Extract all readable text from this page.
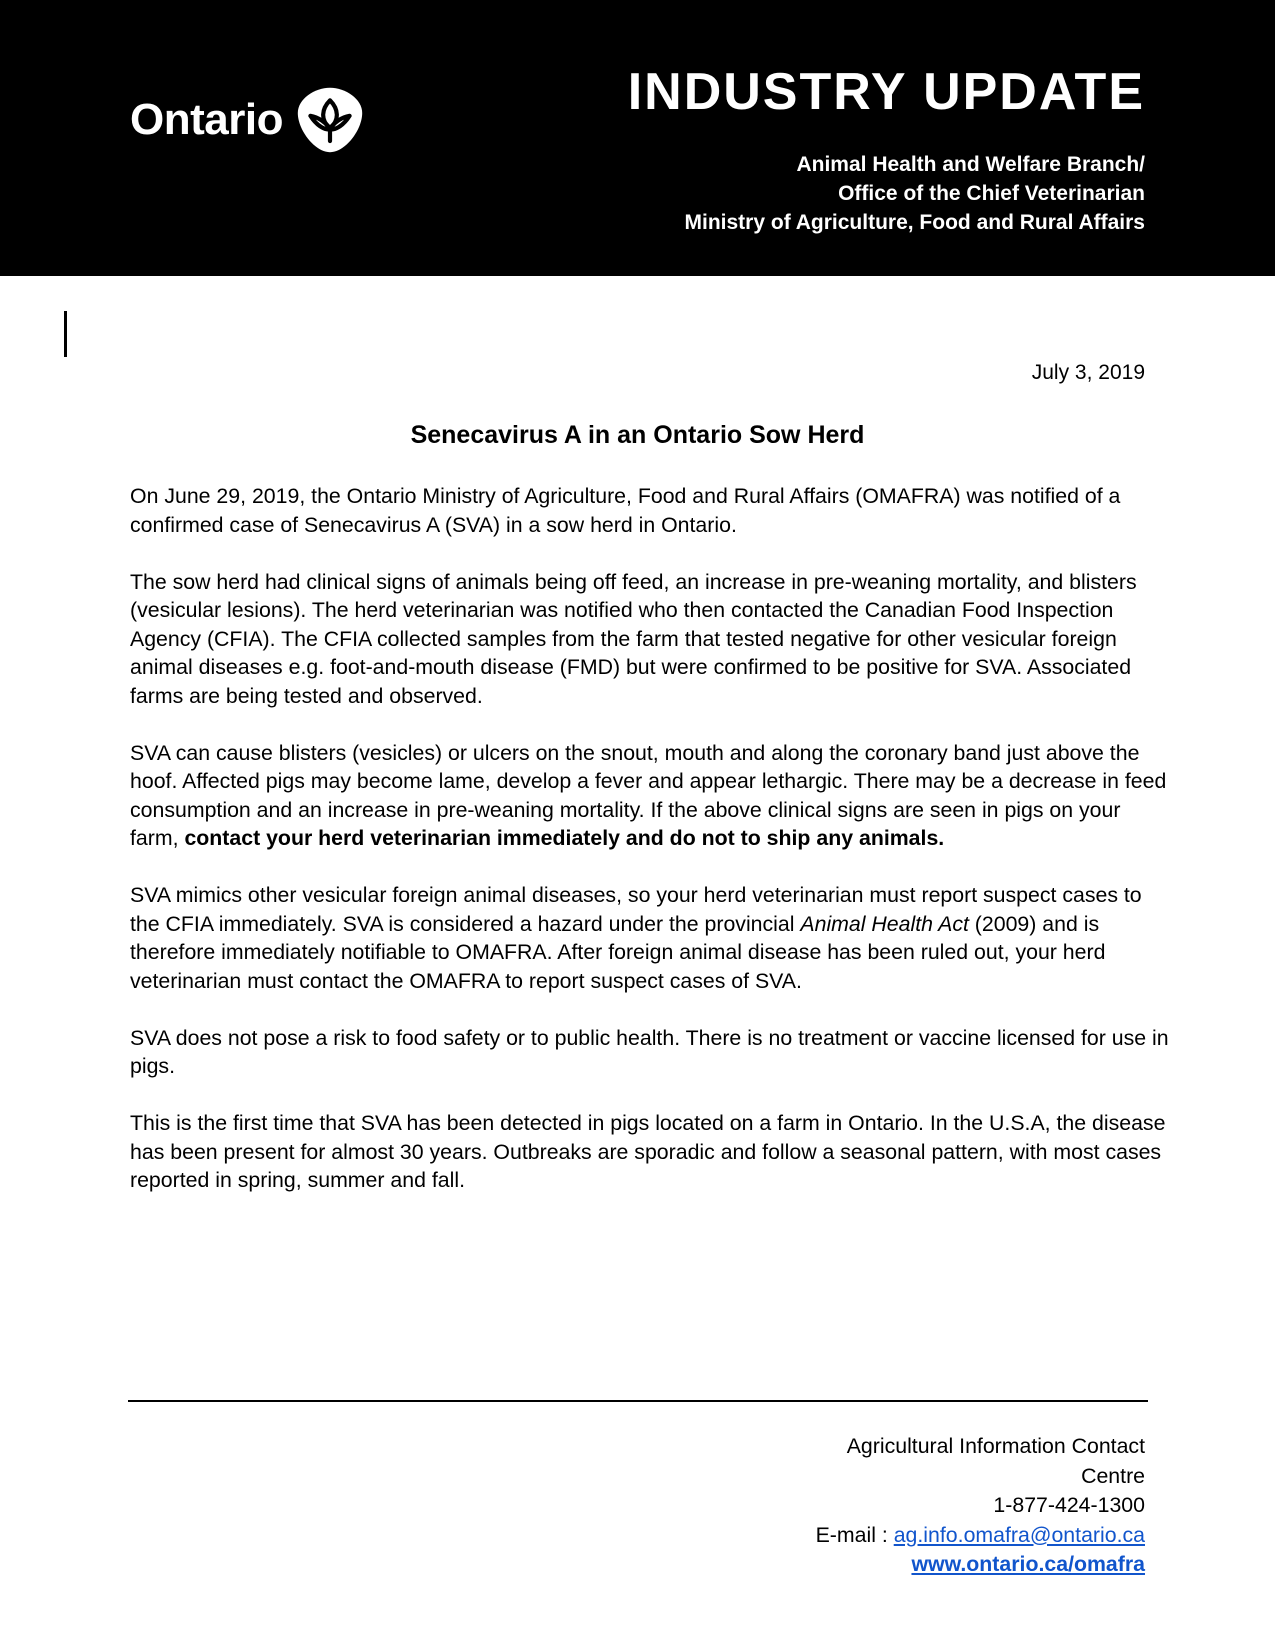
Ontario	INDUSTRY UPDATE
Animal Health and Welfare Branch/
Office of the Chief Veterinarian
Ministry of Agriculture, Food and Rural Affairs
July 3, 2019
Senecavirus A in an Ontario Sow Herd

On June 29, 2019, the Ontario Ministry of Agriculture, Food and Rural Affairs (OMAFRA) was notified of a confirmed case of Senecavirus A (SVA) in a sow herd in Ontario.

The sow herd had clinical signs of animals being off feed, an increase in pre-weaning mortality, and blisters (vesicular lesions). The herd veterinarian was notified who then contacted the Canadian Food Inspection Agency (CFIA). The CFIA collected samples from the farm that tested negative for other vesicular foreign animal diseases e.g. foot-and-mouth disease (FMD) but were confirmed to be positive for SVA. Associated farms are being tested and observed.

SVA can cause blisters (vesicles) or ulcers on the snout, mouth and along the coronary band just above the hoof. Affected pigs may become lame, develop a fever and appear lethargic. There may be a decrease in feed consumption and an increase in pre-weaning mortality. If the above clinical signs are seen in pigs on your farm, contact your herd veterinarian immediately and do not to ship any animals.

SVA mimics other vesicular foreign animal diseases, so your herd veterinarian must report suspect cases to the CFIA immediately. SVA is considered a hazard under the provincial Animal Health Act (2009) and is therefore immediately notifiable to OMAFRA. After foreign animal disease has been ruled out, your herd veterinarian must contact the OMAFRA to report suspect cases of SVA.

SVA does not pose a risk to food safety or to public health. There is no treatment or vaccine licensed for use in pigs.

This is the first time that SVA has been detected in pigs located on a farm in Ontario. In the U.S.A, the disease has been present for almost 30 years. Outbreaks are sporadic and follow a seasonal pattern, with most cases reported in spring, summer and fall.

Agricultural Information Contact
Centre
1-877-424-1300
E-mail : ag.info.omafra@ontario.ca
www.ontario.ca/omafra
